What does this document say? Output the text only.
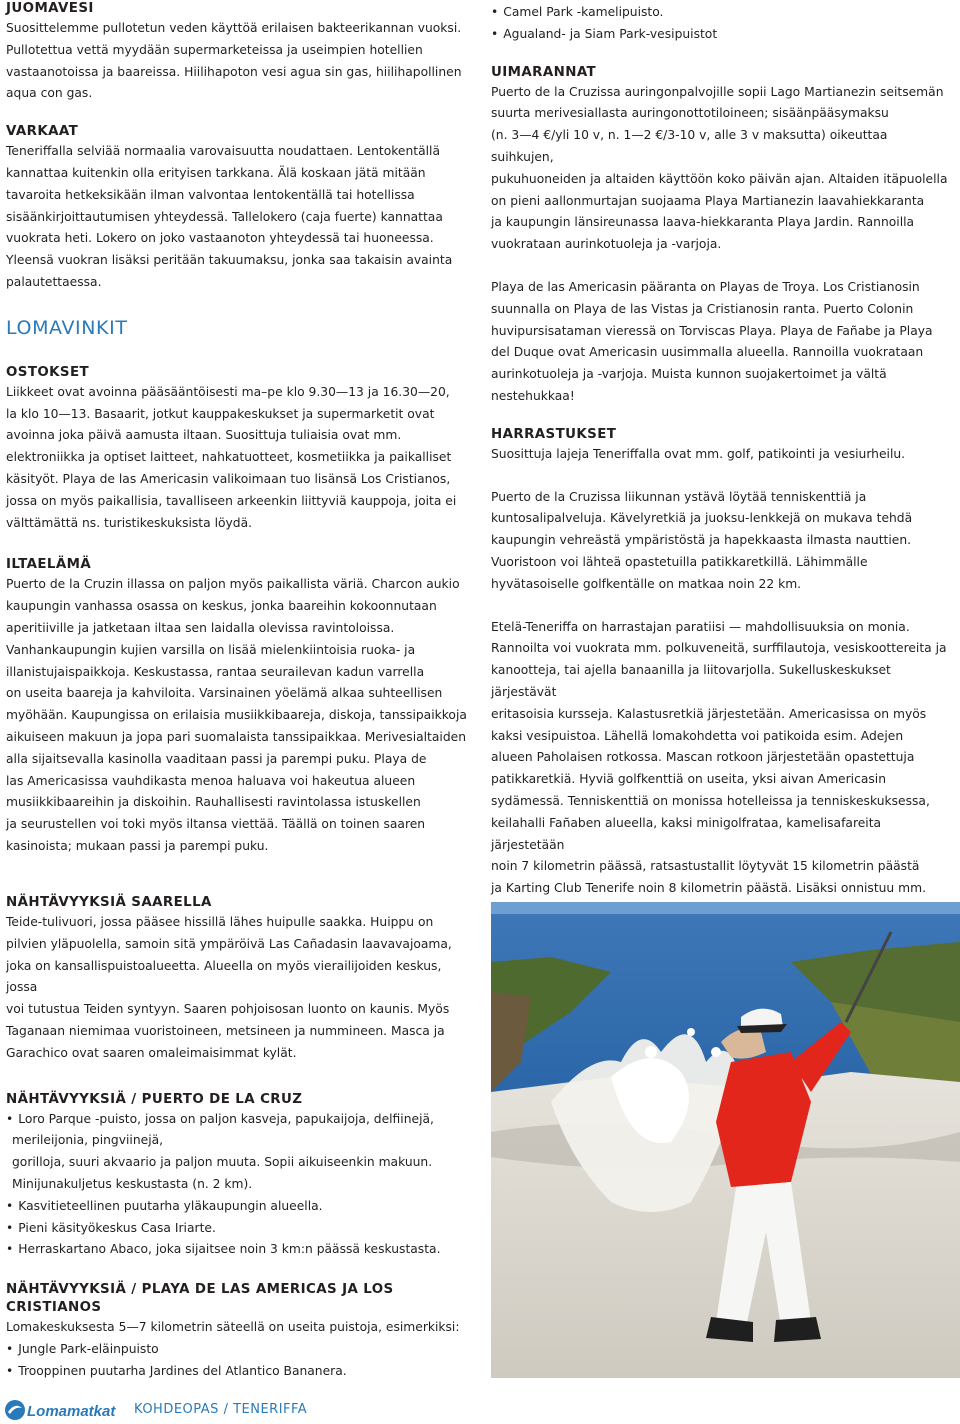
JUOMAVESI
Suosittelemme pullotetun veden käyttöä erilaisen bakteerikannan vuoksi.
Pullotettua vettä myydään supermarketeissa ja useimpien hotellien
vastaanotoissa ja baareissa. Hiilihapoton vesi agua sin gas, hiilihapollinen
aqua con gas.
VARKAAT
Teneriffalla selviää normaalia varovaisuutta noudattaen. Lentokentällä
kannattaa kuitenkin olla erityisen tarkkana. Älä koskaan jätä mitään
tavaroita hetkeksikään ilman valvontaa lentokentällä tai hotellissa
sisäänkirjoittautumisen yhteydessä. Tallelokero (caja fuerte) kannattaa
vuokrata heti. Lokero on joko vastaanoton yhteydessä tai huoneessa.
Yleensä vuokran lisäksi peritään takuumaksu, jonka saa takaisin avainta
palautettaessa.
LOMAVINKIT
OSTOKSET
Liikkeet ovat avoinna pääsääntöisesti ma–pe klo 9.30—13 ja 16.30—20,
la klo 10—13. Basaarit, jotkut kauppakeskukset ja supermarketit ovat
avoinna joka päivä aamusta iltaan. Suosittuja tuliaisia ovat mm.
elektroniikka ja optiset laitteet, nahkatuotteet, kosmetiikka ja paikalliset
käsityöt. Playa de las Americasin valikoimaan tuo lisänsä Los Cristianos,
jossa on myös paikallisia, tavalliseen arkeenkin liittyviä kauppoja, joita ei
välttämättä ns. turistikeskuksista löydä.
ILTAELÄMÄ
Puerto de la Cruzin illassa on paljon myös paikallista väriä. Charcon aukio
kaupungin vanhassa osassa on keskus, jonka baareihin kokoonnutaan
aperitiiville ja jatketaan iltaa sen laidalla olevissa ravintoloissa.
Vanhankaupungin kujien varsilla on lisää mielenkiintoisia ruoka- ja
illanistujaispaikkoja. Keskustassa, rantaa seurailevan kadun varrella
on useita baareja ja kahviloita. Varsinainen yöelämä alkaa suhteellisen
myöhään. Kaupungissa on erilaisia musiikkibaareja, diskoja, tanssipaikkoja
aikuiseen makuun ja jopa pari suomalaista tanssipaikkaa. Merivesialtaiden
alla sijaitsevalla kasinolla vaaditaan passi ja parempi puku. Playa de
las Americasissa vauhdikasta menoa haluava voi hakeutua alueen
musiikkibaareihin ja diskoihin. Rauhallisesti ravintolassa istuskellen
ja seurustellen voi toki myös iltansa viettää. Täällä on toinen saaren
kasinoista; mukaan passi ja parempi puku.
NÄHTÄVYYKSIÄ SAARELLA
Teide-tulivuori, jossa pääsee hissillä lähes huipulle saakka. Huippu on
pilvien yläpuolella, samoin sitä ympäröivä Las Cañadasin laavavajoama,
joka on kansallispuistoalueetta. Alueella on myös vierailijoiden keskus, jossa
voi tutustua Teiden syntyyn. Saaren pohjoisosan luonto on kaunis. Myös
Taganaan niemimaa vuoristoineen, metsineen ja nummineen. Masca ja
Garachico ovat saaren omaleimaisimmat kylät.
NÄHTÄVYYKSIÄ / PUERTO DE LA CRUZ
• Loro Parque -puisto, jossa on paljon kasveja, papukaijoja, delfiinejä,
merileijonia, pingviinejä,
gorilloja, suuri akvaario ja paljon muuta. Sopii aikuiseenkin makuun.
Minijunakuljetus keskustasta (n. 2 km).
• Kasvitieteellinen puutarha yläkaupungin alueella.
• Pieni käsityökeskus Casa Iriarte.
• Herraskartano Abaco, joka sijaitsee noin 3 km:n päässä keskustasta.
NÄHTÄVYYKSIÄ / PLAYA DE LAS AMERICAS JA LOS
CRISTIANOS
Lomakeskuksesta 5—7 kilometrin säteellä on useita puistoja, esimerkiksi:
• Jungle Park-eläinpuisto
• Trooppinen puutarha Jardines del Atlantico Bananera.
• Camel Park -kamelipuisto.
• Agualand- ja Siam Park-vesipuistot
UIMARANNAT
Puerto de la Cruzissa auringonpalvojille sopii Lago Martianezin seitsemän
suurta merivesiallasta auringonottotiloineen; sisäänpääsymaksu
(n. 3—4 €/yli 10 v, n. 1—2 €/3-10 v, alle 3 v maksutta) oikeuttaa suihkujen,
pukuhuoneiden ja altaiden käyttöön koko päivän ajan. Altaiden itäpuolella
on pieni aallonmurtajan suojaama Playa Martianezin laavahiekkaranta
ja kaupungin länsireunassa laava-hiekkaranta Playa Jardin. Rannoilla
vuokrataan aurinkotuoleja ja -varjoja.
Playa de las Americasin pääranta on Playas de Troya. Los Cristianosin
suunnalla on Playa de las Vistas ja Cristianosin ranta. Puerto Colonin
huvipursisataman vieressä on Torviscas Playa. Playa de Fañabe ja Playa
del Duque ovat Americasin uusimmalla alueella. Rannoilla vuokrataan
aurinkotuoleja ja -varjoja. Muista kunnon suojakertoimet ja vältä
nestehukkaa!
HARRASTUKSET
Suosittuja lajeja Teneriffalla ovat mm. golf, patikointi ja vesiurheilu.
Puerto de la Cruzissa liikunnan ystävä löytää tenniskenttiä ja
kuntosalipalveluja. Kävelyretkiä ja juoksu-lenkkejä on mukava tehdä
kaupungin vehreästä ympäristöstä ja hapekkaasta ilmasta nauttien.
Vuoristoon voi lähteä opastetuilla patikkaretkillä. Lähimmälle
hyvätasoiselle golfkentälle on matkaa noin 22 km.
Etelä-Teneriffa on harrastajan paratiisi — mahdollisuuksia on monia.
Rannoilta voi vuokrata mm. polkuveneitä, surffilautoja, vesiskoottereita ja
kanootteja, tai ajella banaanilla ja liitovarjolla. Sukelluskeskukset järjestävät
eritasoisia kursseja. Kalastusretkiä järjestetään. Americasissa on myös
kaksi vesipuistoa. Lähellä lomakohdetta voi patikoida esim. Adejen
alueen Paholaisen rotkossa. Mascan rotkoon järjestetään opastettuja
patikkaretkiä. Hyviä golfkenttiä on useita, yksi aivan Americasin
sydämessä. Tenniskenttiä on monissa hotelleissa ja tenniskeskuksessa,
keilahalli Fañaben alueella, kaksi minigolfrataa, kamelisafareita järjestetään
noin 7 kilometrin päässä, ratsastustallit löytyvät 15 kilometrin päästä
ja Karting Club Tenerife noin 8 kilometrin päästä. Lisäksi onnistuu mm.
Lomamatkat KOHDEOPAS / TENERIFFA
